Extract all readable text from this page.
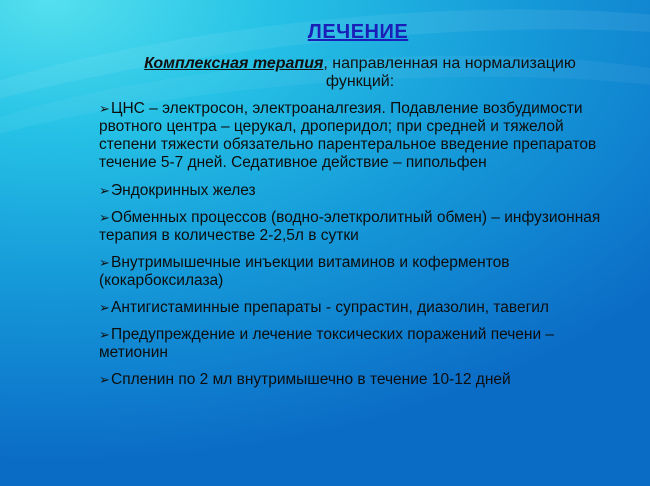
ЛЕЧЕНИЕ
Комплексная терапия, направленная на нормализацию функций:
➢ЦНС – электросон, электроаналгезия. Подавление возбудимости рвотного центра – церукал, дроперидол; при средней и тяжелой степени тяжести обязательно парентеральное введение препаратов течение 5-7 дней. Седативное действие – пипольфен
➢Эндокринных желез
➢Обменных процессов (водно-элеткролитный обмен) – инфузионная терапия в количестве 2-2,5л в сутки
➢Внутримышечные инъекции витаминов и коферментов (кокарбоксилаза)
➢Антигистаминные препараты - супрастин, диазолин, тавегил
➢Предупреждение и лечение токсических поражений печени – метионин
➢Спленин по 2 мл внутримышечно в течение 10-12 дней
